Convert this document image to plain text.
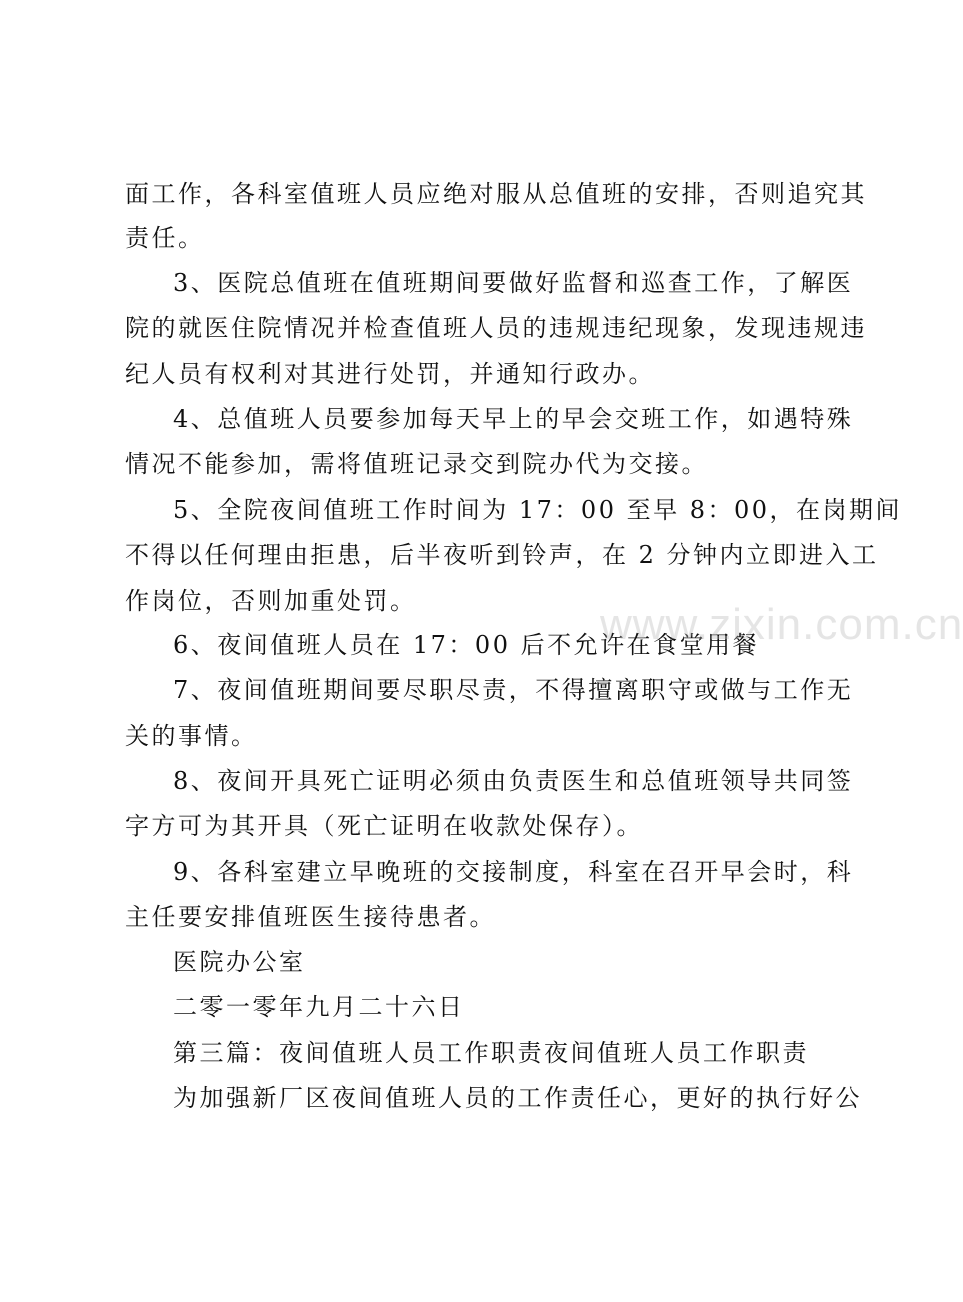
面工作，各科室值班人员应绝对服从总值班的安排，否则追究其
责任。
3、医院总值班在值班期间要做好监督和巡查工作，了解医
院的就医住院情况并检查值班人员的违规违纪现象，发现违规违
纪人员有权利对其进行处罚，并通知行政办。
4、总值班人员要参加每天早上的早会交班工作，如遇特殊
情况不能参加，需将值班记录交到院办代为交接。
5、全院夜间值班工作时间为 17：00 至早 8：00，在岗期间
不得以任何理由拒患，后半夜听到铃声，在 2 分钟内立即进入工
作岗位，否则加重处罚。
6、夜间值班人员在 17：00 后不允许在食堂用餐
7、夜间值班期间要尽职尽责，不得擅离职守或做与工作无
关的事情。
8、夜间开具死亡证明必须由负责医生和总值班领导共同签
字方可为其开具（死亡证明在收款处保存）。
9、各科室建立早晚班的交接制度，科室在召开早会时，科
主任要安排值班医生接待患者。
医院办公室
二零一零年九月二十六日
第三篇：夜间值班人员工作职责夜间值班人员工作职责
为加强新厂区夜间值班人员的工作责任心，更好的执行好公
www.zixin.com.cn
